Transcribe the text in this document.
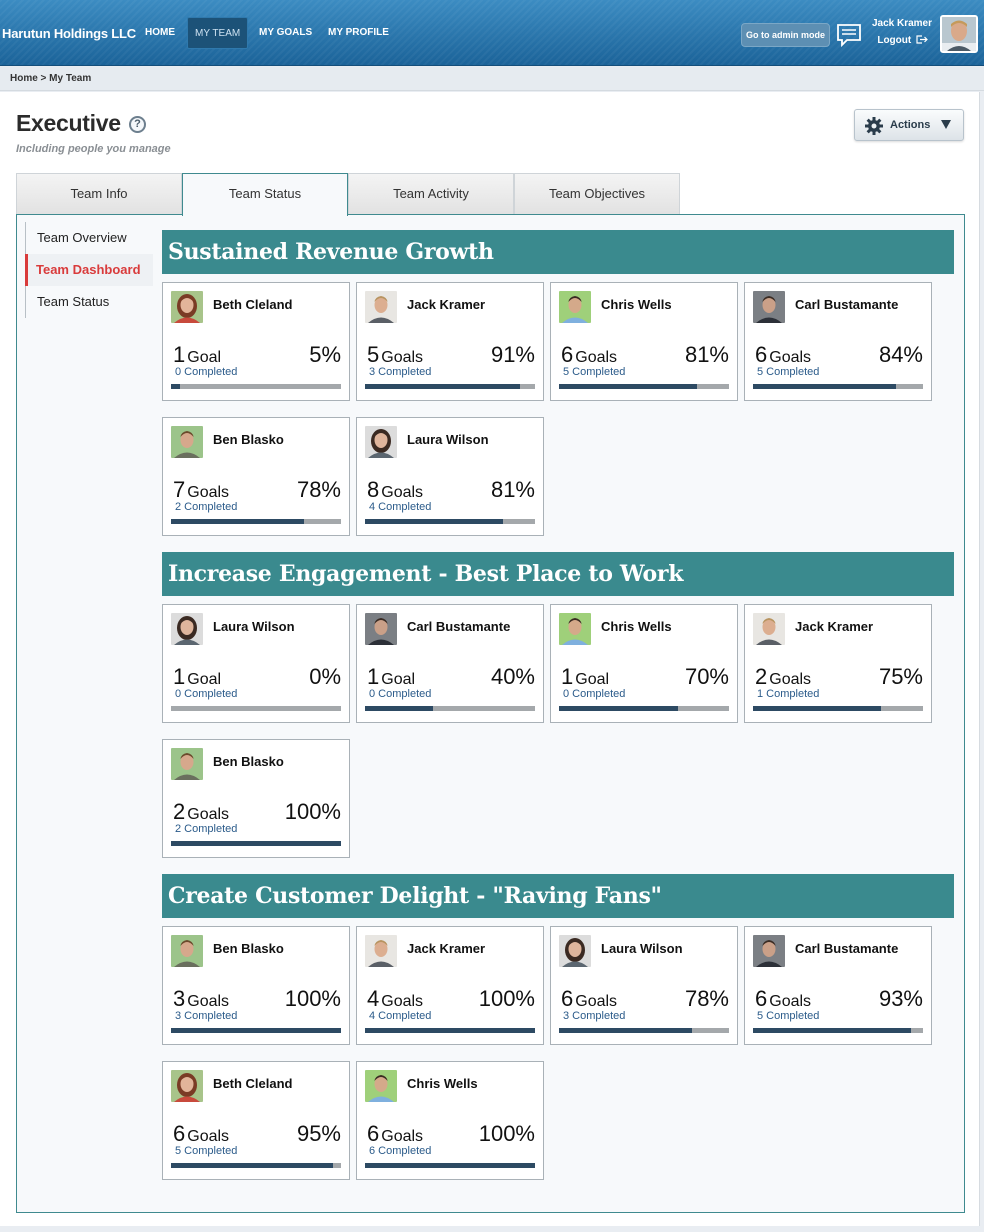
Harutun Holdings LLC HOME	MY TEAM	MY GOALS	MY PROFILE	Go to admin mode
Jack Kramer
Logout
Home > My Team
Executive	?
Including people you manage
Actions
Team Info	Team Status	Team Activity	Team Objectives
Team Overview
Team Dashboard
Team Status
Sustained Revenue Growth
Beth Cleland
1 Goal	5%
0 Completed
Jack Kramer
5 Goals	91%
3 Completed
Chris Wells
6 Goals	81%
5 Completed
Carl Bustamante
6 Goals	84%
5 Completed
Ben Blasko
7 Goals	78%
2 Completed
Laura Wilson
8 Goals	81%
4 Completed
Increase Engagement - Best Place to Work
Laura Wilson
1 Goal	0%
0 Completed
Carl Bustamante
1 Goal	40%
0 Completed
Chris Wells
1 Goal	70%
0 Completed
Jack Kramer
2 Goals	75%
1 Completed
Ben Blasko
2 Goals	100%
2 Completed
Create Customer Delight - "Raving Fans"
Ben Blasko
3 Goals	100%
3 Completed
Jack Kramer
4 Goals	100%
4 Completed
Laura Wilson
6 Goals	78%
3 Completed
Carl Bustamante
6 Goals	93%
5 Completed
Beth Cleland
6 Goals	95%
5 Completed
Chris Wells
6 Goals	100%
6 Completed
